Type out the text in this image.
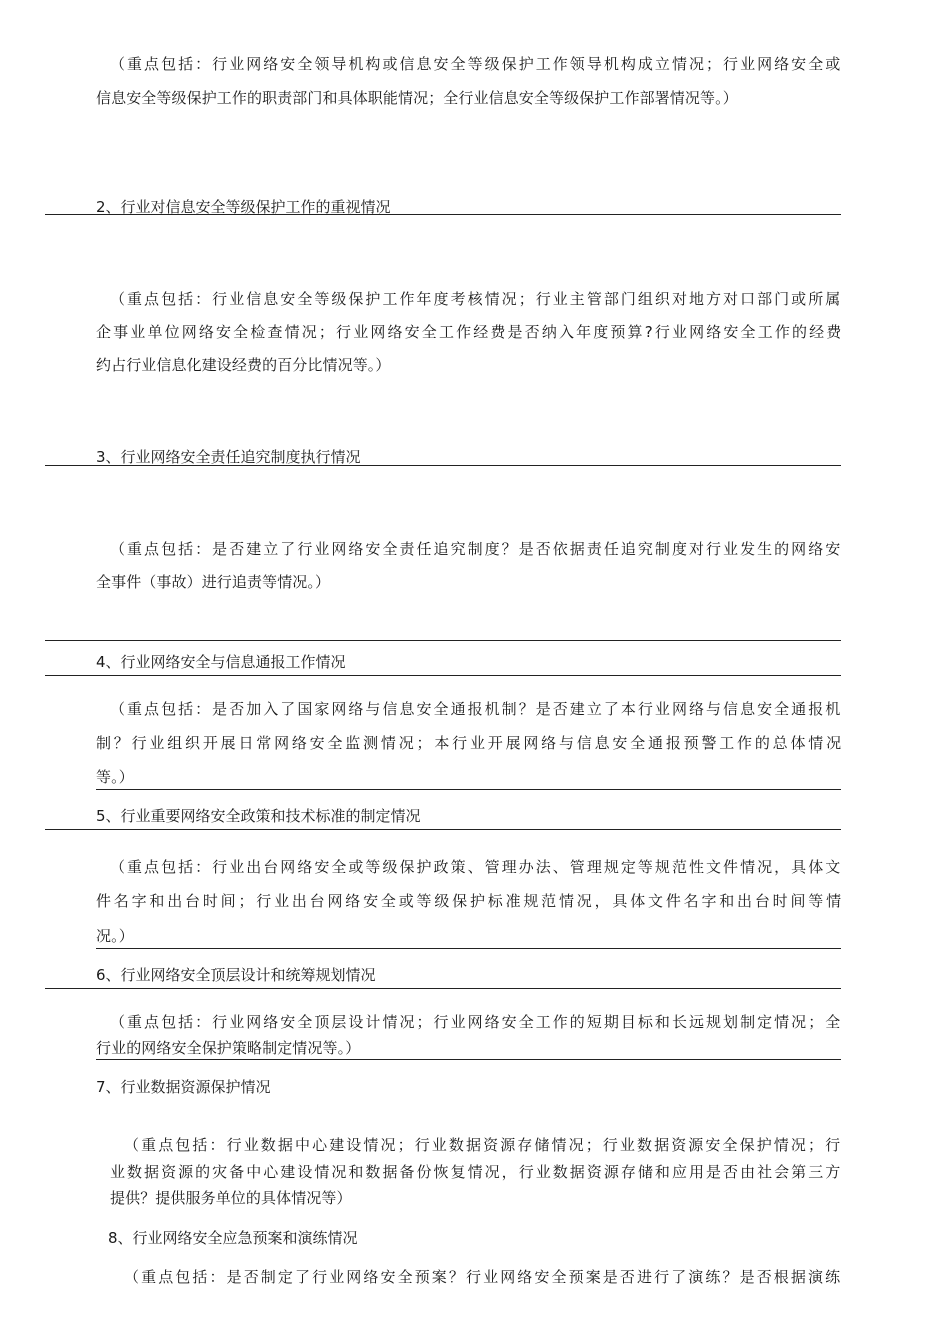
（重点包括：行业网络安全领导机构或信息安全等级保护工作领导机构成立情况；行业网络安全或
信息安全等级保护工作的职责部门和具体职能情况；全行业信息安全等级保护工作部署情况等。）
2、行业对信息安全等级保护工作的重视情况
（重点包括：行业信息安全等级保护工作年度考核情况；行业主管部门组织对地方对口部门或所属
企事业单位网络安全检查情况；行业网络安全工作经费是否纳入年度预算?行业网络安全工作的经费
约占行业信息化建设经费的百分比情况等。）
3、行业网络安全责任追究制度执行情况
（重点包括：是否建立了行业网络安全责任追究制度？是否依据责任追究制度对行业发生的网络安
全事件（事故）进行追责等情况。）
4、行业网络安全与信息通报工作情况
（重点包括：是否加入了国家网络与信息安全通报机制？是否建立了本行业网络与信息安全通报机
制？行业组织开展日常网络安全监测情况；本行业开展网络与信息安全通报预警工作的总体情况
等。）
5、行业重要网络安全政策和技术标准的制定情况
（重点包括：行业出台网络安全或等级保护政策、管理办法、管理规定等规范性文件情况，具体文
件名字和出台时间；行业出台网络安全或等级保护标准规范情况，具体文件名字和出台时间等情
况。）
6、行业网络安全顶层设计和统筹规划情况
（重点包括：行业网络安全顶层设计情况；行业网络安全工作的短期目标和长远规划制定情况；全
行业的网络安全保护策略制定情况等。）
7、行业数据资源保护情况
（重点包括：行业数据中心建设情况；行业数据资源存储情况；行业数据资源安全保护情况；行
业数据资源的灾备中心建设情况和数据备份恢复情况，行业数据资源存储和应用是否由社会第三方
提供？提供服务单位的具体情况等）
8、行业网络安全应急预案和演练情况
（重点包括：是否制定了行业网络安全预案？行业网络安全预案是否进行了演练？是否根据演练
